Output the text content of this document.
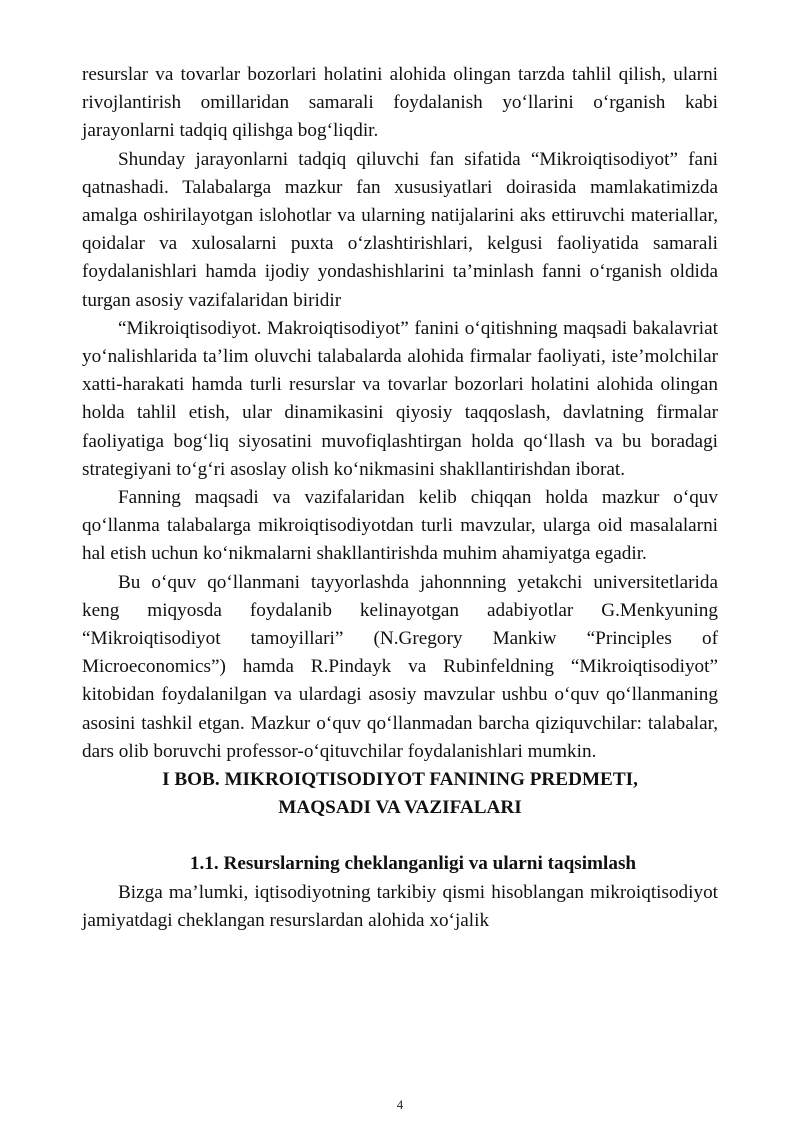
resurslar va tovarlar bozorlari holatini alohida olingan tarzda tahlil qilish, ularni rivojlantirish omillaridan samarali foydalanish yo‘llarini o‘rganish kabi jarayonlarni tadqiq qilishga bog‘liqdir.

Shunday jarayonlarni tadqiq qiluvchi fan sifatida “Mikroiqtisodiyot” fani qatnashadi. Talabalarga mazkur fan xususiyatlari doirasida mamlakatimizda amalga oshirilayotgan islohotlar va ularning natijalarini aks ettiruvchi materiallar, qoidalar va xulosalarni puxta o‘zlashtirishlari, kelgusi faoliyatida samarali foydalanishlari hamda ijodiy yondashishlarini ta’minlash fanni o‘rganish oldida turgan asosiy vazifalaridan biridir

“Mikroiqtisodiyot. Makroiqtisodiyot” fanini o‘qitishning maqsadi bakalavriat yo‘nalishlarida ta’lim oluvchi talabalarda alohida firmalar faoliyati, iste’molchilar xatti-harakati hamda turli resurslar va tovarlar bozorlari holatini alohida olingan holda tahlil etish, ular dinamikasini qiyosiy taqqoslash, davlatning firmalar faoliyatiga bog‘liq siyosatini muvofiqlashtirgan holda qo‘llash va bu boradagi strategiyani to‘g‘ri asoslay olish ko‘nikmasini shakllantirishdan iborat.

Fanning maqsadi va vazifalaridan kelib chiqqan holda mazkur o‘quv qo‘llanma talabalarga mikroiqtisodiyotdan turli mavzular, ularga oid masalalarni hal etish uchun ko‘nikmalarni shakllantirishda muhim ahamiyatga egadir.

Bu o‘quv qo‘llanmani tayyorlashda jahonnning yetakchi universitetlarida keng miqyosda foydalanib kelinayotgan adabiyotlar G.Menkyuning “Mikroiqtisodiyot tamoyillari” (N.Gregory Mankiw “Principles of Microeconomics”) hamda R.Pindayk va Rubinfeldning “Mikroiqtisodiyot” kitobidan foydalanilgan va ulardagi asosiy mavzular ushbu o‘quv qo‘llanmaning asosini tashkil etgan. Mazkur o‘quv qo‘llanmadan barcha qiziquvchilar: talabalar, dars olib boruvchi professor-o‘qituvchilar foydalanishlari mumkin.

I BOB. MIKROIQTISODIYOT FANINING PREDMETI,
MAQSADI VA VAZIFALARI
1.1. Resurslarning cheklanganligi va ularni taqsimlash

Bizga ma’lumki, iqtisodiyotning tarkibiy qismi hisoblangan mikroiqtisodiyot jamiyatdagi cheklangan resurslardan alohida xo‘jalik

4
